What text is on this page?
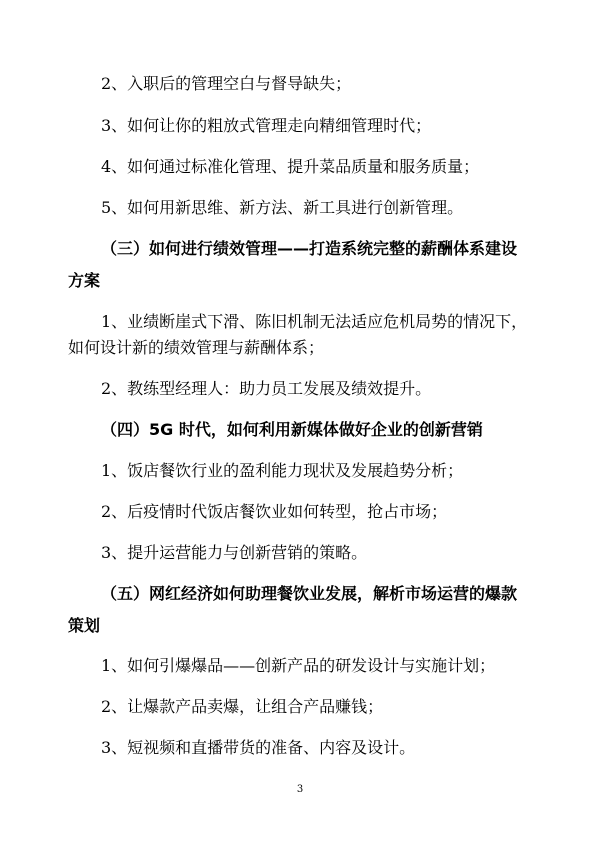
2、入职后的管理空白与督导缺失；
3、如何让你的粗放式管理走向精细管理时代；
4、如何通过标准化管理、提升菜品质量和服务质量；
5、如何用新思维、新方法、新工具进行创新管理。
（三）如何进行绩效管理——打造系统完整的薪酬体系建设
方案
1、业绩断崖式下滑、陈旧机制无法适应危机局势的情况下，
如何设计新的绩效管理与薪酬体系；
2、教练型经理人：助力员工发展及绩效提升。
（四）5G 时代，如何利用新媒体做好企业的创新营销
1、饭店餐饮行业的盈利能力现状及发展趋势分析；
2、后疫情时代饭店餐饮业如何转型，抢占市场；
3、提升运营能力与创新营销的策略。
（五）网红经济如何助理餐饮业发展，解析市场运营的爆款
策划
1、如何引爆爆品——创新产品的研发设计与实施计划；
2、让爆款产品卖爆，让组合产品赚钱；
3、短视频和直播带货的准备、内容及设计。
3
